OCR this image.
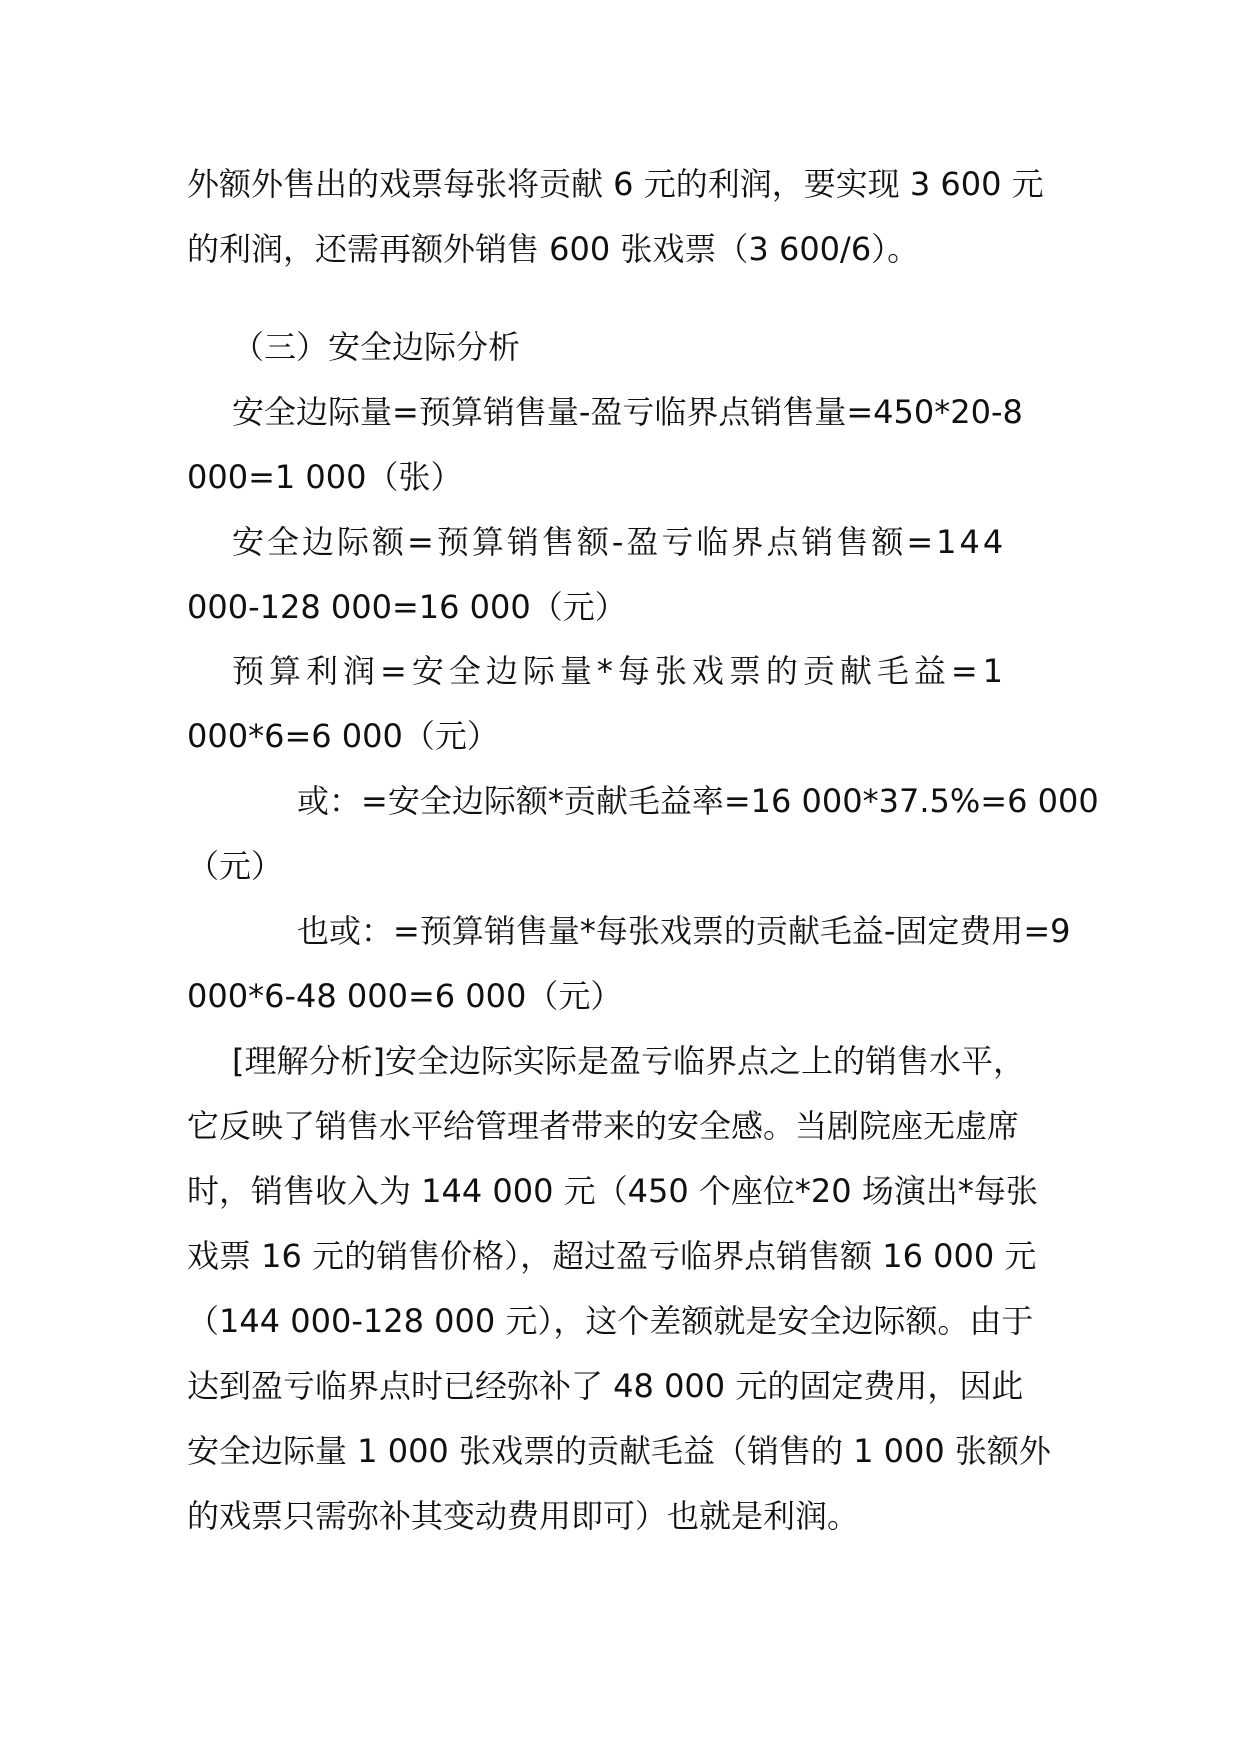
外额外售出的戏票每张将贡献 6 元的利润，要实现 3 600 元
的利润，还需再额外销售 600 张戏票（3 600/6）。
（三）安全边际分析
安全边际量=预算销售量-盈亏临界点销售量=450*20-8
000=1 000（张）
安全边际额=预算销售额-盈亏临界点销售额=144
000-128 000=16 000（元）
预算利润=安全边际量*每张戏票的贡献毛益=1
000*6=6 000（元）
或：=安全边际额*贡献毛益率=16 000*37.5%=6 000
（元）
也或：=预算销售量*每张戏票的贡献毛益-固定费用=9
000*6-48 000=6 000（元）
[理解分析]安全边际实际是盈亏临界点之上的销售水平，
它反映了销售水平给管理者带来的安全感。当剧院座无虚席
时，销售收入为 144 000 元（450 个座位*20 场演出*每张
戏票 16 元的销售价格），超过盈亏临界点销售额 16 000 元
（144 000-128 000 元），这个差额就是安全边际额。由于
达到盈亏临界点时已经弥补了 48 000 元的固定费用，因此
安全边际量 1 000 张戏票的贡献毛益（销售的 1 000 张额外
的戏票只需弥补其变动费用即可）也就是利润。
